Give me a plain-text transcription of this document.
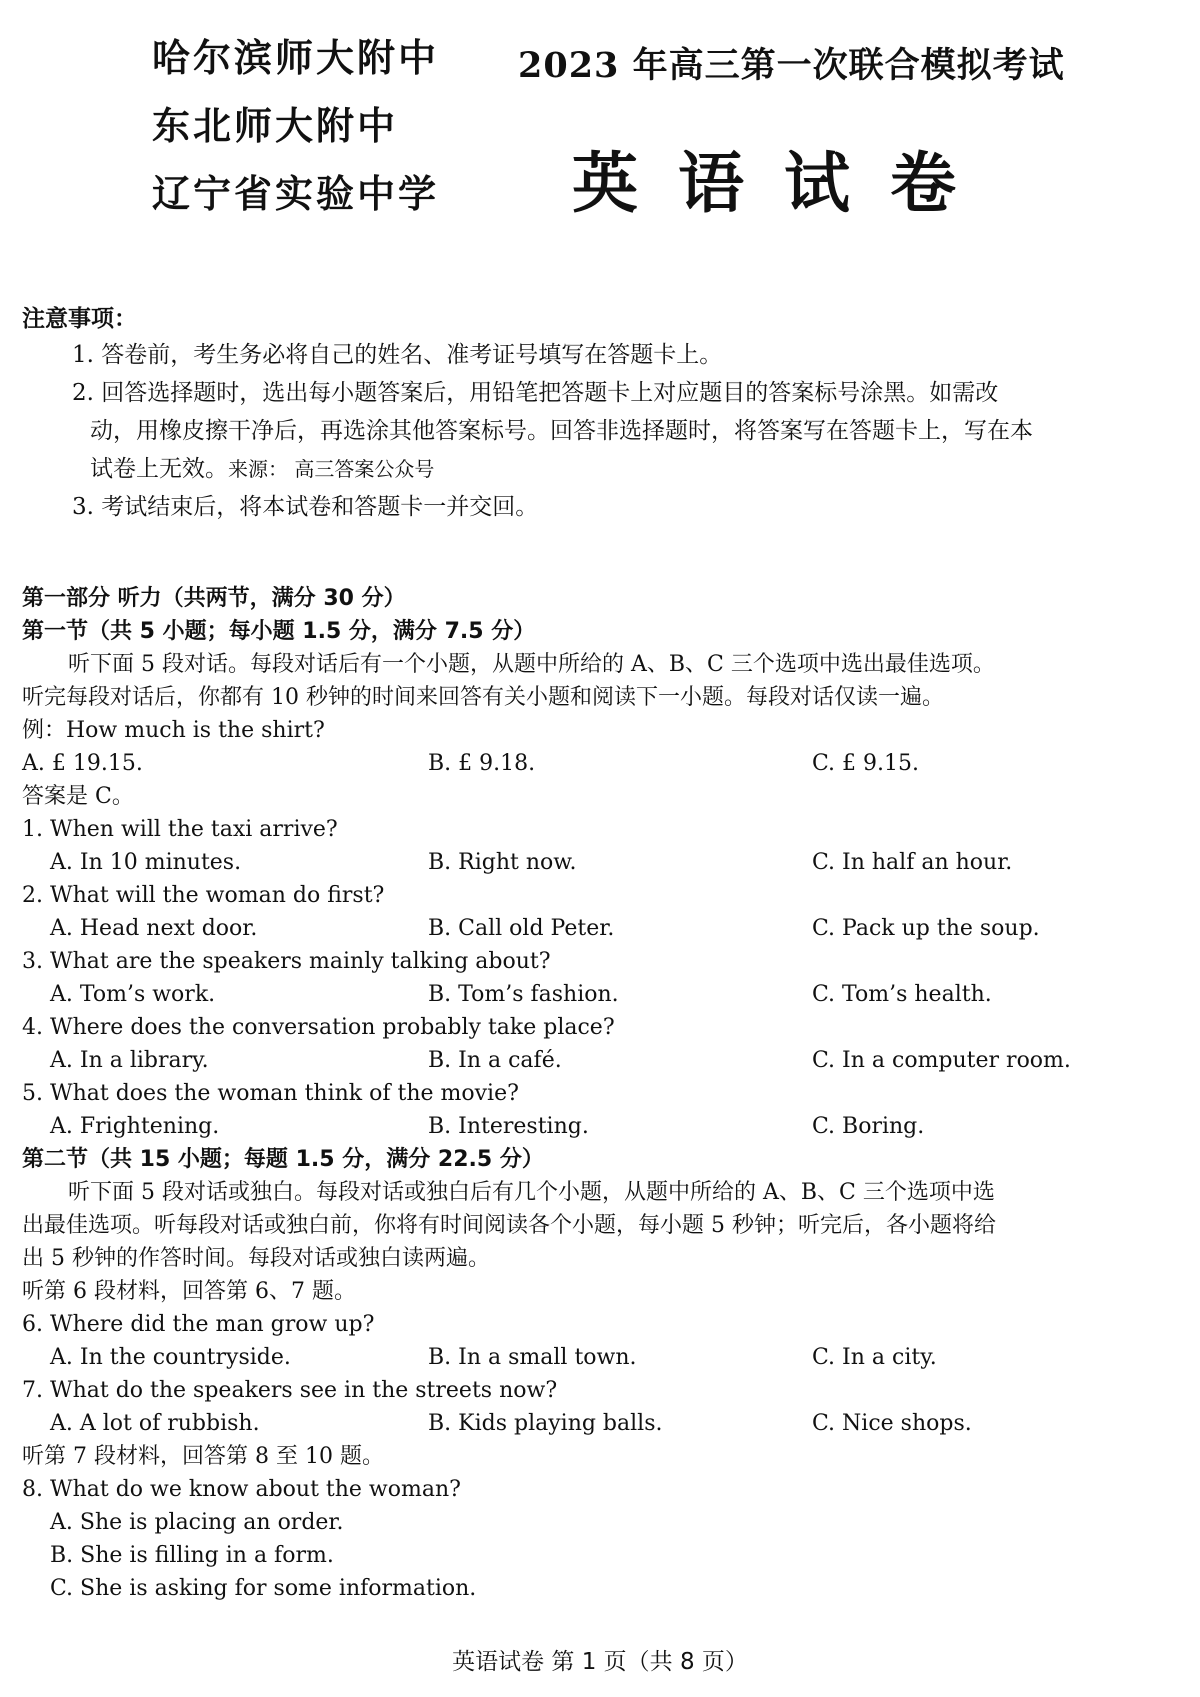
哈尔滨师大附中
东北师大附中
辽宁省实验中学
2023 年高三第一次联合模拟考试
英语试卷
注意事项：

1. 答卷前，考生务必将自己的姓名、准考证号填写在答题卡上。

2. 回答选择题时，选出每小题答案后，用铅笔把答题卡上对应题目的答案标号涂黑。如需改
动，用橡皮擦干净后，再选涂其他答案标号。回答非选择题时，将答案写在答题卡上，写在本
试卷上无效。来源： 高三答案公众号

3. 考试结束后，将本试卷和答题卡一并交回。

第一部分 听力（共两节，满分 30 分）
第一节（共 5 小题；每小题 1.5 分，满分 7.5 分）
听下面 5 段对话。每段对话后有一个小题，从题中所给的 A、B、C 三个选项中选出最佳选项。
听完每段对话后，你都有 10 秒钟的时间来回答有关小题和阅读下一小题。每段对话仅读一遍。
例：How much is the shirt?
A. £ 19.15.	B. £ 9.18.	C. £ 9.15.
答案是 C。
1. When will the taxi arrive?
A. In 10 minutes.	B. Right now.	C. In half an hour.
2. What will the woman do first?
A. Head next door.	B. Call old Peter.	C. Pack up the soup.
3. What are the speakers mainly talking about?
A. Tom’s work.	B. Tom’s fashion.	C. Tom’s health.
4. Where does the conversation probably take place?
A. In a library.	B. In a café.	C. In a computer room.
5. What does the woman think of the movie?
A. Frightening.	B. Interesting.	C. Boring.
第二节（共 15 小题；每题 1.5 分，满分 22.5 分）
听下面 5 段对话或独白。每段对话或独白后有几个小题，从题中所给的 A、B、C 三个选项中选
出最佳选项。听每段对话或独白前，你将有时间阅读各个小题，每小题 5 秒钟；听完后，各小题将给
出 5 秒钟的作答时间。每段对话或独白读两遍。
听第 6 段材料，回答第 6、7 题。
6. Where did the man grow up?
A. In the countryside.	B. In a small town.	C. In a city.
7. What do the speakers see in the streets now?
A. A lot of rubbish.	B. Kids playing balls.	C. Nice shops.
听第 7 段材料，回答第 8 至 10 题。
8. What do we know about the woman?
A. She is placing an order.
B. She is filling in a form.
C. She is asking for some information.
英语试卷 第 1 页（共 8 页）
